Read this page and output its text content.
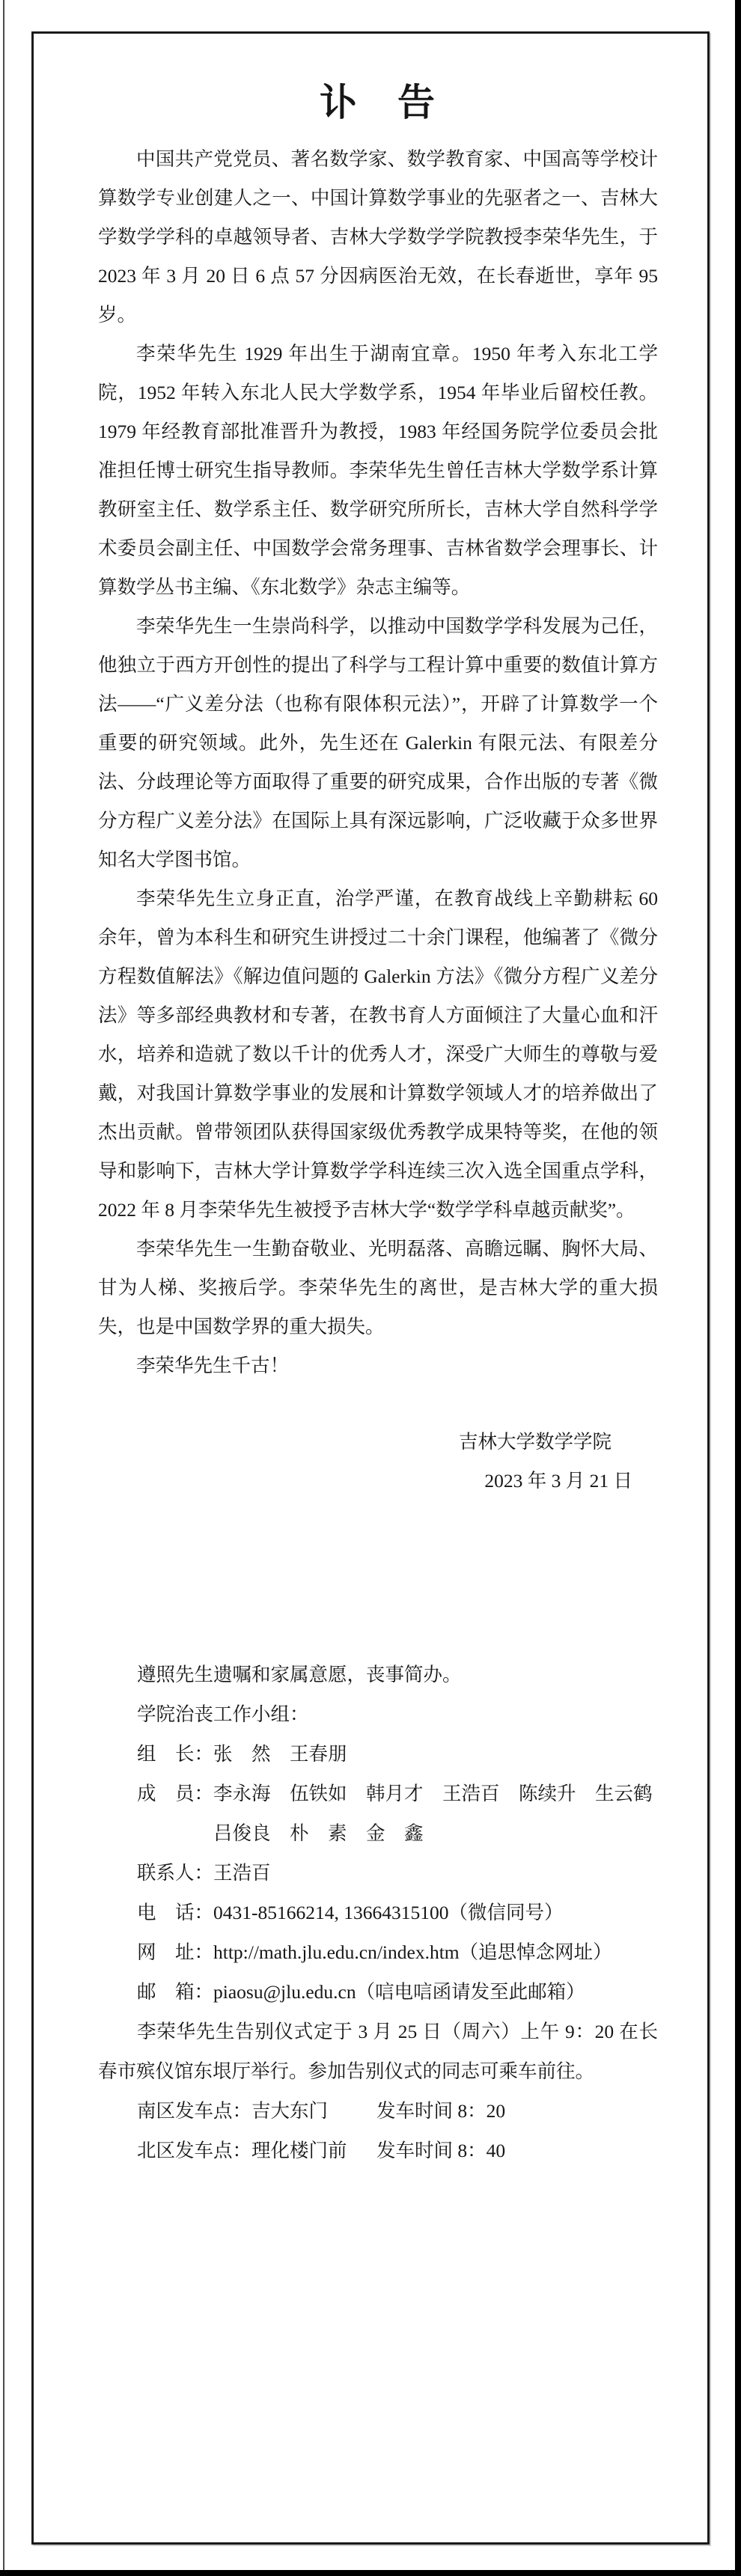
讣　告

中国共产党党员、著名数学家、数学教育家、中国高等学校计算数学专业创建人之一、中国计算数学事业的先驱者之一、吉林大学数学学科的卓越领导者、吉林大学数学学院教授李荣华先生，于 2023 年 3 月 20 日 6 点 57 分因病医治无效，在长春逝世，享年 95 岁。

李荣华先生 1929 年出生于湖南宜章。1950 年考入东北工学院，1952 年转入东北人民大学数学系，1954 年毕业后留校任教。1979 年经教育部批准晋升为教授，1983 年经国务院学位委员会批准担任博士研究生指导教师。李荣华先生曾任吉林大学数学系计算教研室主任、数学系主任、数学研究所所长，吉林大学自然科学学术委员会副主任、中国数学会常务理事、吉林省数学会理事长、计算数学丛书主编、《东北数学》杂志主编等。

李荣华先生一生崇尚科学，以推动中国数学学科发展为己任，他独立于西方开创性的提出了科学与工程计算中重要的数值计算方法——“广义差分法（也称有限体积元法）”，开辟了计算数学一个重要的研究领域。此外，先生还在 Galerkin 有限元法、有限差分法、分歧理论等方面取得了重要的研究成果，合作出版的专著《微分方程广义差分法》在国际上具有深远影响，广泛收藏于众多世界知名大学图书馆。

李荣华先生立身正直，治学严谨，在教育战线上辛勤耕耘 60 余年，曾为本科生和研究生讲授过二十余门课程，他编著了《微分方程数值解法》《解边值问题的 Galerkin 方法》《微分方程广义差分法》等多部经典教材和专著，在教书育人方面倾注了大量心血和汗水，培养和造就了数以千计的优秀人才，深受广大师生的尊敬与爱戴，对我国计算数学事业的发展和计算数学领域人才的培养做出了杰出贡献。曾带领团队获得国家级优秀教学成果特等奖，在他的领导和影响下，吉林大学计算数学学科连续三次入选全国重点学科，2022 年 8 月李荣华先生被授予吉林大学“数学学科卓越贡献奖”。

李荣华先生一生勤奋敬业、光明磊落、高瞻远瞩、胸怀大局、甘为人梯、奖掖后学。李荣华先生的离世，是吉林大学的重大损失，也是中国数学界的重大损失。

李荣华先生千古！

吉林大学数学学院

2023 年 3 月 21 日

遵照先生遗嘱和家属意愿，丧事简办。

学院治丧工作小组：

组　长：张　然　王春朋

成　员：李永海　伍铁如　韩月才　王浩百　陈续升　生云鹤

吕俊良　朴　素　金　鑫

联系人：王浩百

电　话：0431-85166214, 13664315100（微信同号）

网　址：http://math.jlu.edu.cn/index.htm（追思悼念网址）

邮　箱：piaosu@jlu.edu.cn（唁电唁函请发至此邮箱）

李荣华先生告别仪式定于 3 月 25 日（周六）上午 9：20 在长春市殡仪馆东垠厅举行。参加告别仪式的同志可乘车前往。

南区发车点：吉大东门	发车时间 8：20
北区发车点：理化楼门前	发车时间 8：40
